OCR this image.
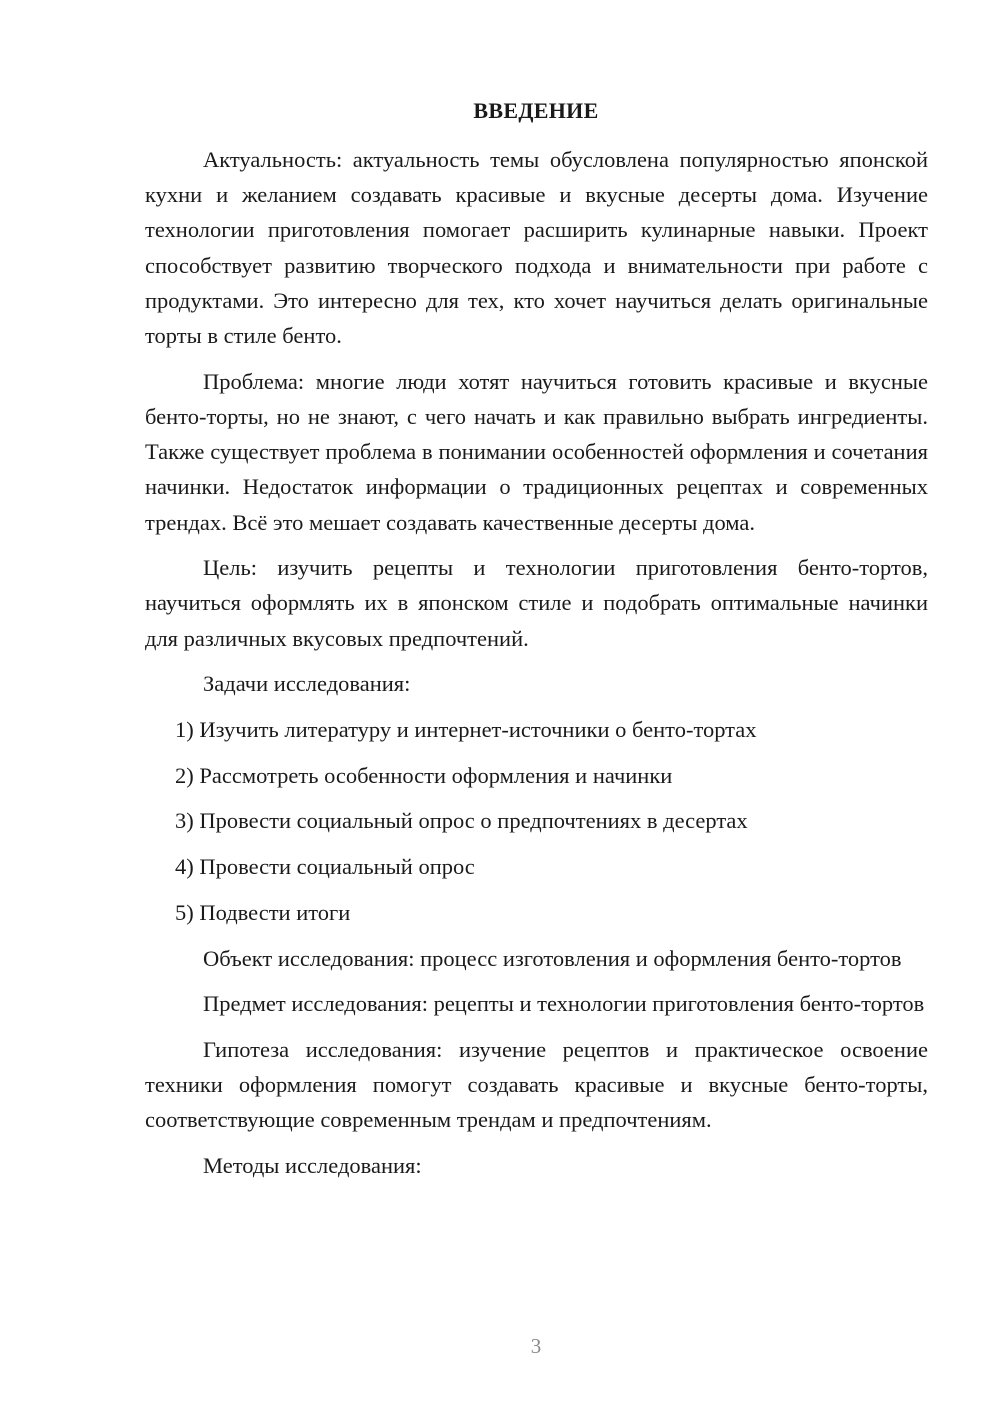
ВВЕДЕНИЕ

Актуальность: актуальность темы обусловлена популярностью японской кухни и желанием создавать красивые и вкусные десерты дома. Изучение технологии приготовления помогает расширить кулинарные навыки. Проект способствует развитию творческого подхода и внимательности при работе с продуктами. Это интересно для тех, кто хочет научиться делать оригинальные торты в стиле бенто.

Проблема: многие люди хотят научиться готовить красивые и вкусные бенто-торты, но не знают, с чего начать и как правильно выбрать ингредиенты. Также существует проблема в понимании особенностей оформления и сочетания начинки. Недостаток информации о традиционных рецептах и современных трендах. Всё это мешает создавать качественные десерты дома.

Цель: изучить рецепты и технологии приготовления бенто-тортов, научиться оформлять их в японском стиле и подобрать оптимальные начинки для различных вкусовых предпочтений.

Задачи исследования:

1) Изучить литературу и интернет-источники о бенто-тортах

2) Рассмотреть особенности оформления и начинки

3) Провести социальный опрос о предпочтениях в десертах

4) Провести социальный опрос

5) Подвести итоги

Объект исследования: процесс изготовления и оформления бенто-тортов

Предмет исследования: рецепты и технологии приготовления бенто-тортов

Гипотеза исследования: изучение рецептов и практическое освоение техники оформления помогут создавать красивые и вкусные бенто-торты, соответствующие современным трендам и предпочтениям.

Методы исследования:

3
